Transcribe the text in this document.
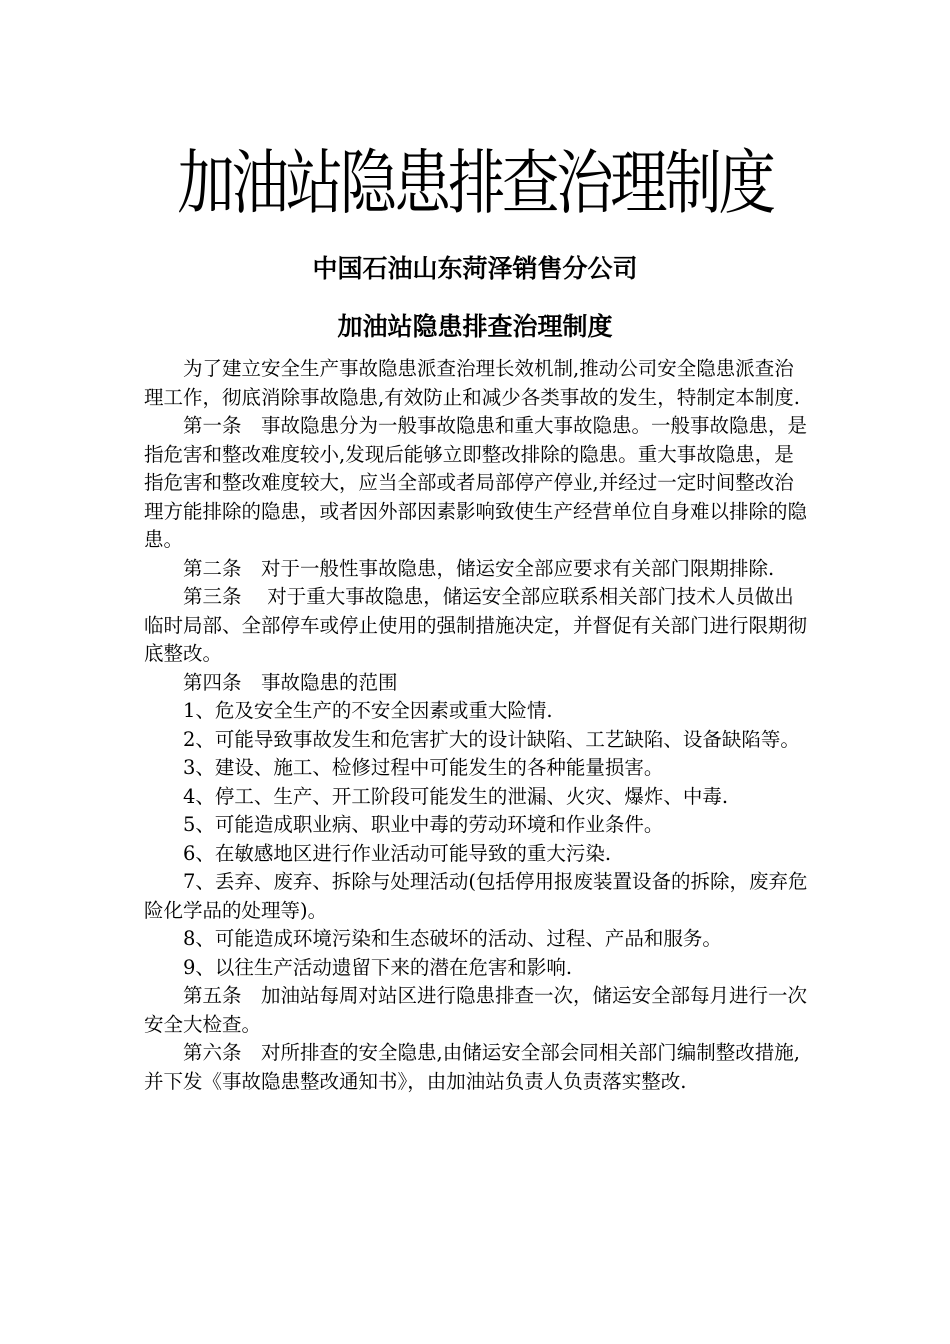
加油站隐患排查治理制度
中国石油山东菏泽销售分公司
加油站隐患排查治理制度

为了建立安全生产事故隐患派查治理长效机制,推动公司安全隐患派查治理工作，彻底消除事故隐患,有效防止和减少各类事故的发生，特制定本制度.

第一条　事故隐患分为一般事故隐患和重大事故隐患。一般事故隐患，是指危害和整改难度较小,发现后能够立即整改排除的隐患。重大事故隐患，是指危害和整改难度较大，应当全部或者局部停产停业,并经过一定时间整改治理方能排除的隐患，或者因外部因素影响致使生产经营单位自身难以排除的隐患。

第二条　对于一般性事故隐患，储运安全部应要求有关部门限期排除.

第三条　 对于重大事故隐患，储运安全部应联系相关部门技术人员做出临时局部、全部停车或停止使用的强制措施决定，并督促有关部门进行限期彻底整改。

第四条　事故隐患的范围

1、危及安全生产的不安全因素或重大险情.

2、可能导致事故发生和危害扩大的设计缺陷、工艺缺陷、设备缺陷等。

3、建设、施工、检修过程中可能发生的各种能量损害。

4、停工、生产、开工阶段可能发生的泄漏、火灾、爆炸、中毒.

5、可能造成职业病、职业中毒的劳动环境和作业条件。

6、在敏感地区进行作业活动可能导致的重大污染.

7、丢弃、废弃、拆除与处理活动(包括停用报废装置设备的拆除，废弃危险化学品的处理等)。

8、可能造成环境污染和生态破坏的活动、过程、产品和服务。

9、以往生产活动遗留下来的潜在危害和影响.

第五条　加油站每周对站区进行隐患排查一次，储运安全部每月进行一次安全大检查。

第六条　对所排查的安全隐患,由储运安全部会同相关部门编制整改措施,并下发《事故隐患整改通知书》，由加油站负责人负责落实整改.
